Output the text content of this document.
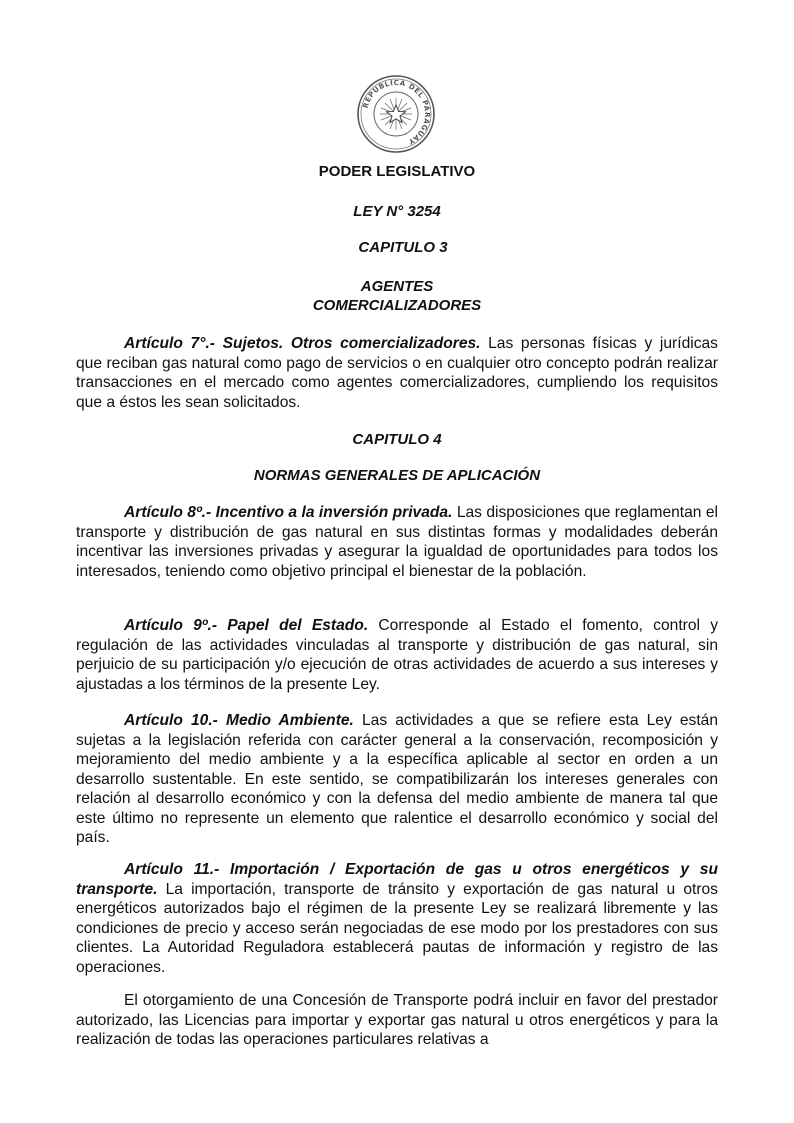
REPUBLICA DEL PARAGUAY

PODER LEGISLATIVO

LEY N° 3254

CAPITULO 3

AGENTES

COMERCIALIZADORES

Artículo 7°.- Sujetos. Otros comercializadores. Las personas físicas y jurídicas que reciban gas natural como pago de servicios o en cualquier otro concepto podrán realizar transacciones en el mercado como agentes comercializadores, cumpliendo los requisitos que a éstos les sean solicitados.

CAPITULO 4

NORMAS GENERALES DE APLICACIÓN

Artículo 8º.- Incentivo a la inversión privada. Las disposiciones que reglamentan el transporte y distribución de gas natural en sus distintas formas y modalidades deberán incentivar las inversiones privadas y asegurar la igualdad de oportunidades para todos los interesados, teniendo como objetivo principal el bienestar de la población.

Artículo 9º.- Papel del Estado. Corresponde al Estado el fomento, control y regulación de las actividades vinculadas al transporte y distribución de gas natural, sin perjuicio de su participación y/o ejecución de otras actividades de acuerdo a sus intereses y ajustadas a los términos de la presente Ley.

Artículo 10.- Medio Ambiente. Las actividades a que se refiere esta Ley están sujetas a la legislación referida con carácter general a la conservación, recomposición y mejoramiento del medio ambiente y a la específica aplicable al sector en orden a un desarrollo sustentable. En este sentido, se compatibilizarán los intereses generales con relación al desarrollo económico y con la defensa del medio ambiente de manera tal que este último no represente un elemento que ralentice el desarrollo económico y social del país.

Artículo 11.- Importación / Exportación de gas u otros energéticos y su transporte. La importación, transporte de tránsito y exportación de gas natural u otros energéticos autorizados bajo el régimen de la presente Ley se realizará libremente y las condiciones de precio y acceso serán negociadas de ese modo por los prestadores con sus clientes. La Autoridad Reguladora establecerá pautas de información y registro de las operaciones.

El otorgamiento de una Concesión de Transporte podrá incluir en favor del prestador autorizado, las Licencias para importar y exportar gas natural u otros energéticos y para la realización de todas las operaciones particulares relativas a
